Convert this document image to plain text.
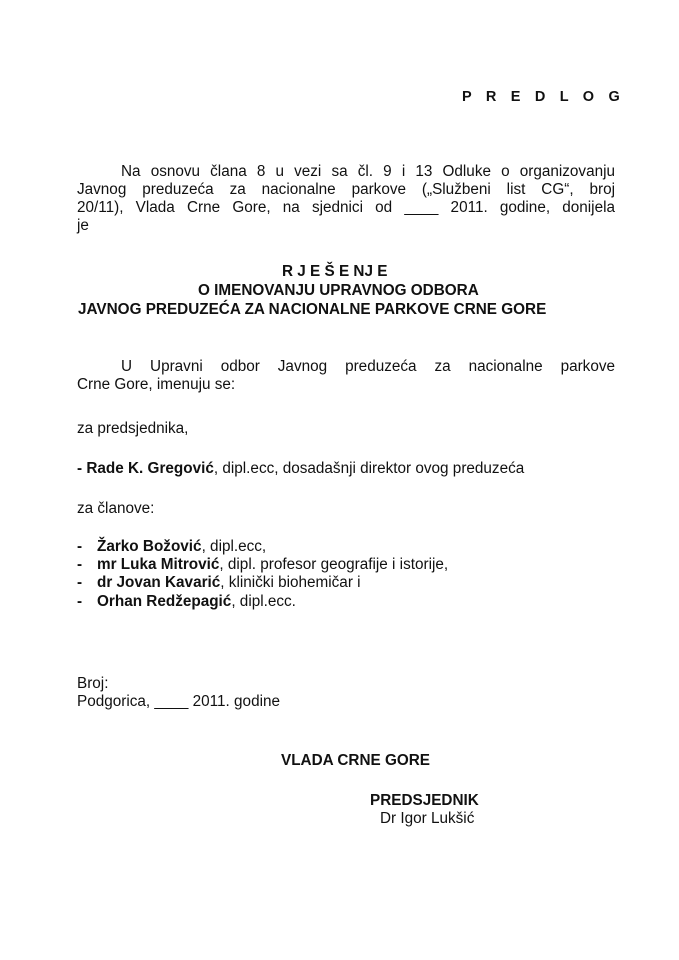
P R E D L O G
Na osnovu člana 8 u vezi sa čl. 9 i 13 Odluke o organizovanju
Javnog preduzeća za nacionalne parkove („Službeni list CG“, broj
20/11), Vlada Crne Gore, na sjednici od ____ 2011. godine, donijela
je
R J E Š E NJ E
O IMENOVANJU UPRAVNOG ODBORA
JAVNOG PREDUZEĆA ZA NACIONALNE PARKOVE CRNE GORE
U Upravni odbor Javnog preduzeća za nacionalne parkove
Crne Gore, imenuju se:
za predsjednika,
- Rade K. Gregović, dipl.ecc, dosadašnji direktor ovog preduzeća
za članove:
- Žarko Božović, dipl.ecc,
- mr Luka Mitrović, dipl. profesor geografije i istorije,
- dr Jovan Kavarić, klinički biohemičar i
- Orhan Redžepagić, dipl.ecc.
Broj:
Podgorica, ____ 2011. godine
VLADA CRNE GORE
PREDSJEDNIK
Dr Igor Lukšić
